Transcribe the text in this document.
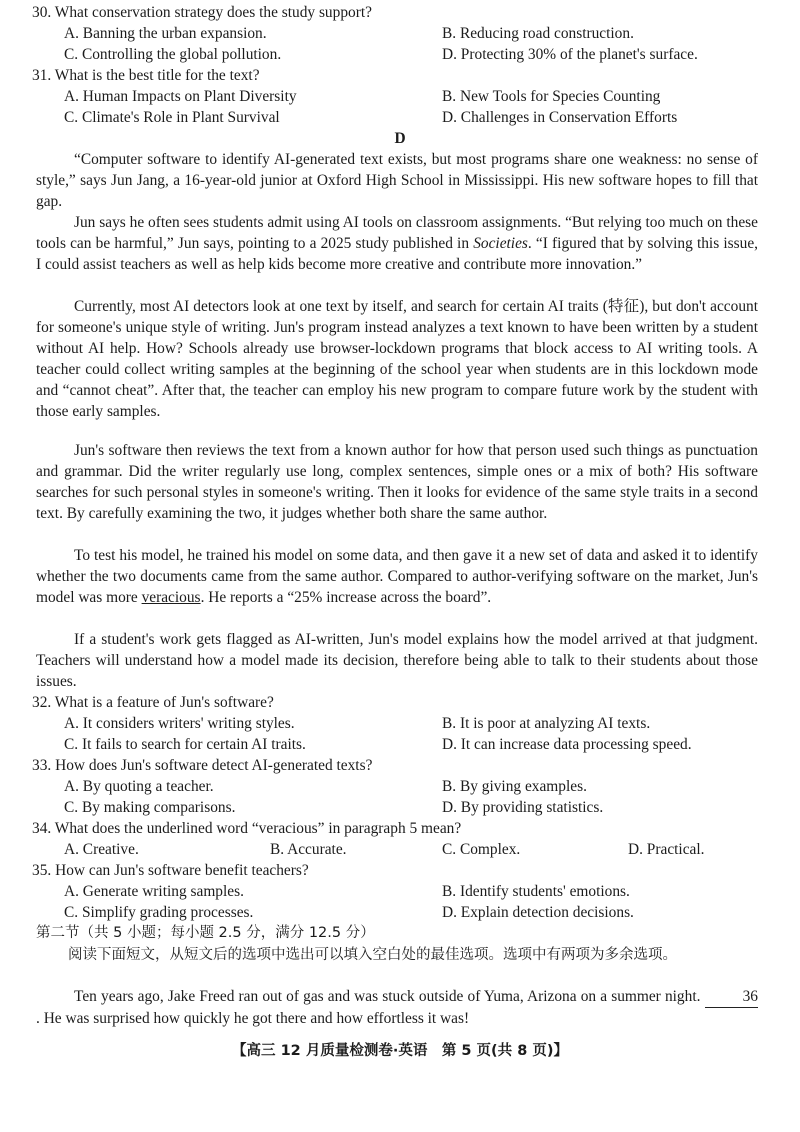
30. What conservation strategy does the study support?
A. Banning the urban expansion.	B. Reducing road construction.
C. Controlling the global pollution.	D. Protecting 30% of the planet's surface.
31. What is the best title for the text?
A. Human Impacts on Plant Diversity	B. New Tools for Species Counting
C. Climate's Role in Plant Survival	D. Challenges in Conservation Efforts
D
“Computer software to identify AI-generated text exists, but most programs share one weakness: no sense of style,” says Jun Jang, a 16-year-old junior at Oxford High School in Mississippi. His new software hopes to fill that gap.
Jun says he often sees students admit using AI tools on classroom assignments. “But relying too much on these tools can be harmful,” Jun says, pointing to a 2025 study published in Societies. “I figured that by solving this issue, I could assist teachers as well as help kids become more creative and contribute more innovation.”
Currently, most AI detectors look at one text by itself, and search for certain AI traits (特征), but don't account for someone's unique style of writing. Jun's program instead analyzes a text known to have been written by a student without AI help. How? Schools already use browser-lockdown programs that block access to AI writing tools. A teacher could collect writing samples at the beginning of the school year when students are in this lockdown mode and “cannot cheat”. After that, the teacher can employ his new program to compare future work by the student with those early samples.
Jun's software then reviews the text from a known author for how that person used such things as punctuation and grammar. Did the writer regularly use long, complex sentences, simple ones or a mix of both? His software searches for such personal styles in someone's writing. Then it looks for evidence of the same style traits in a second text. By carefully examining the two, it judges whether both share the same author.
To test his model, he trained his model on some data, and then gave it a new set of data and asked it to identify whether the two documents came from the same author. Compared to author-verifying software on the market, Jun's model was more veracious. He reports a “25% increase across the board”.
If a student's work gets flagged as AI-written, Jun's model explains how the model arrived at that judgment. Teachers will understand how a model made its decision, therefore being able to talk to their students about those issues.
32. What is a feature of Jun's software?
A. It considers writers' writing styles.	B. It is poor at analyzing AI texts.
C. It fails to search for certain AI traits.	D. It can increase data processing speed.
33. How does Jun's software detect AI-generated texts?
A. By quoting a teacher.	B. By giving examples.
C. By making comparisons.	D. By providing statistics.
34. What does the underlined word “veracious” in paragraph 5 mean?
A. Creative.	B. Accurate.	C. Complex.	D. Practical.
35. How can Jun's software benefit teachers?
A. Generate writing samples.	B. Identify students' emotions.
C. Simplify grading processes.	D. Explain detection decisions.
第二节（共 5 小题；每小题 2.5 分，满分 12.5 分）
阅读下面短文，从短文后的选项中选出可以填入空白处的最佳选项。选项中有两项为多余选项。
Ten years ago, Jake Freed ran out of gas and was stuck outside of Yuma, Arizona on a summer night. 36 . He was surprised how quickly he got there and how effortless it was!
【高三 12 月质量检测卷·英语　第 5 页(共 8 页)】
